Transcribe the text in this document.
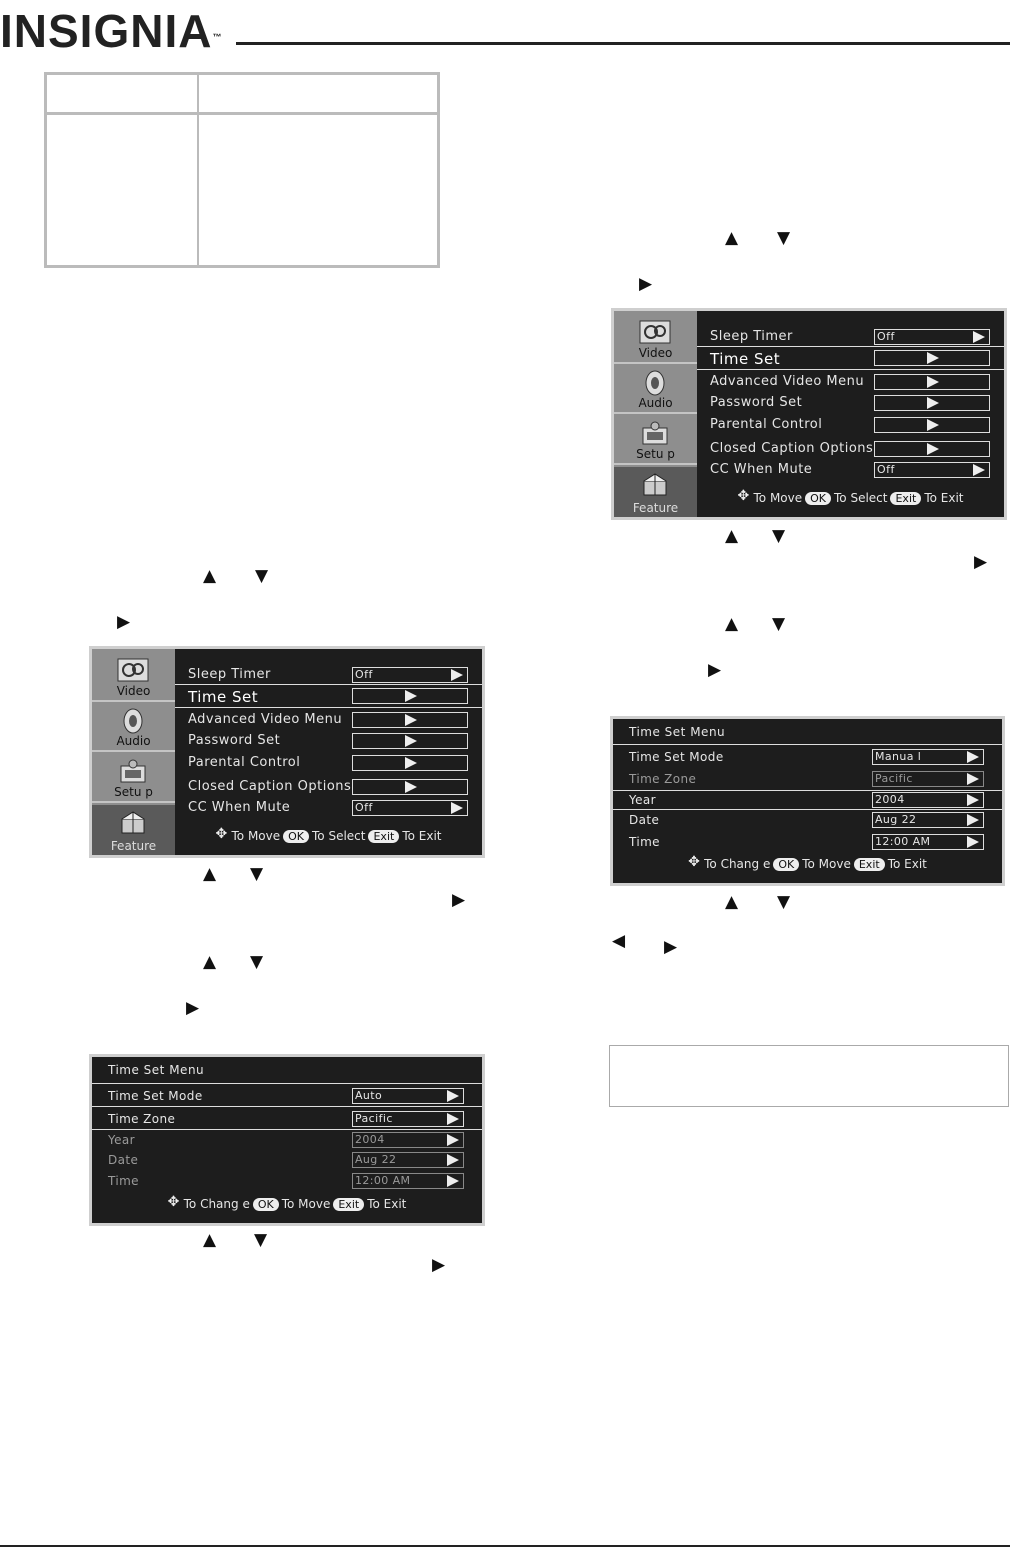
INSIGNIA™
▲ ▼
▶
Video
Audio
Setu p
Feature
Sleep Timer	Off
Time Set
Advanced Video Menu
Password Set
Parental Control
Closed Caption Options
CC When Mute	Off
✥To Move OK To Select Exit To Exit
▲ ▼
▶
▲ ▼
▶
Time Set Menu
Time Set Mode	Auto
Time Zone	Pacific
Year	2004
Date	Aug 22
Time	12:00 AM
✥To Chang e OK To Move Exit To Exit
▲ ▼
▶
▲ ▼
▶
Video
Audio
Setu p
Feature
Sleep Timer	Off
Time Set
Advanced Video Menu
Password Set
Parental Control
Closed Caption Options
CC When Mute	Off
✥To Move OK To Select Exit To Exit
▲ ▼
▶
▲ ▼
▶
Time Set Menu
Time Set Mode	Manua l
Time Zone	Pacific
Year	2004
Date	Aug 22
Time	12:00 AM
✥To Chang e OK To Move Exit To Exit
▲ ▼
◀ ▶
